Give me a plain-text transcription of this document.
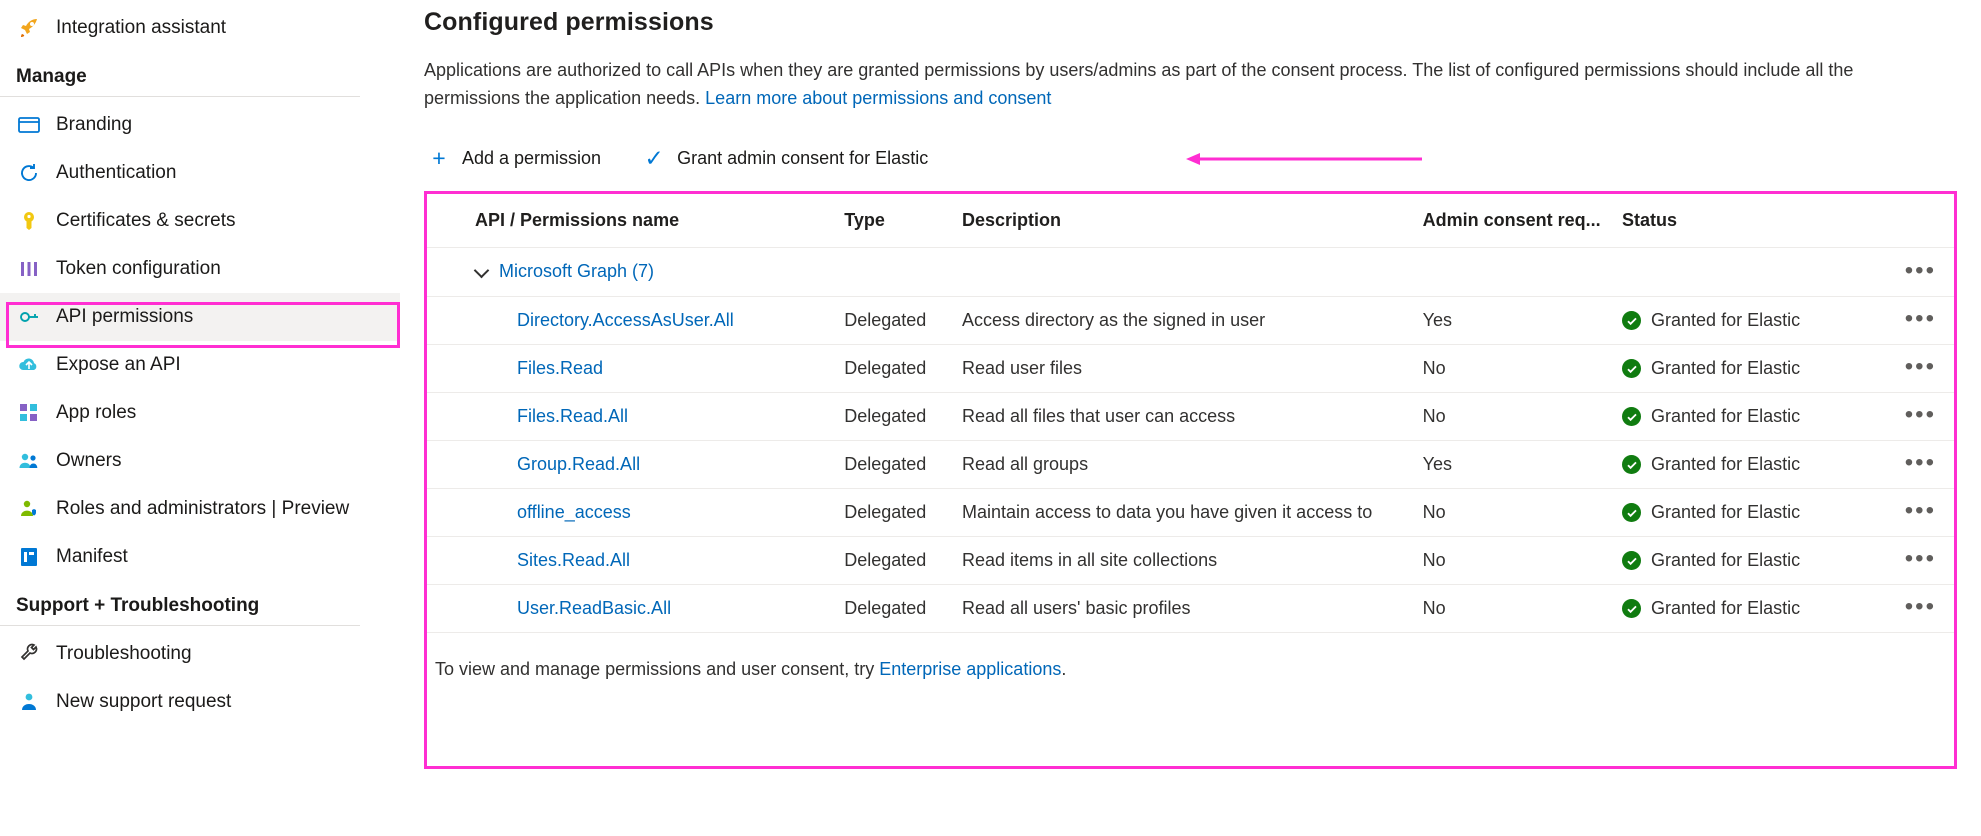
Integration assistant
Manage
Branding
Authentication
Certificates & secrets
Token configuration
API permissions
Expose an API
App roles
Owners
Roles and administrators | Preview
Manifest
Support + Troubleshooting
Troubleshooting
New support request
Configured permissions

Applications are authorized to call APIs when they are granted permissions by users/admins as part of the consent process. The list of configured permissions should include all the permissions the application needs. Learn more about permissions and consent

+ Add a permission ✓ Grant admin consent for Elastic
API / Permissions name	Type	Description	Admin consent req...	Status	

Microsoft Graph (7)					•••
Directory.AccessAsUser.All	Delegated	Access directory as the signed in user	Yes	Granted for Elastic	•••
Files.Read	Delegated	Read user files	No	Granted for Elastic	•••
Files.Read.All	Delegated	Read all files that user can access	No	Granted for Elastic	•••
Group.Read.All	Delegated	Read all groups	Yes	Granted for Elastic	•••
offline_access	Delegated	Maintain access to data you have given it access to	No	Granted for Elastic	•••
Sites.Read.All	Delegated	Read items in all site collections	No	Granted for Elastic	•••
User.ReadBasic.All	Delegated	Read all users' basic profiles	No	Granted for Elastic	•••
To view and manage permissions and user consent, try Enterprise applications.
